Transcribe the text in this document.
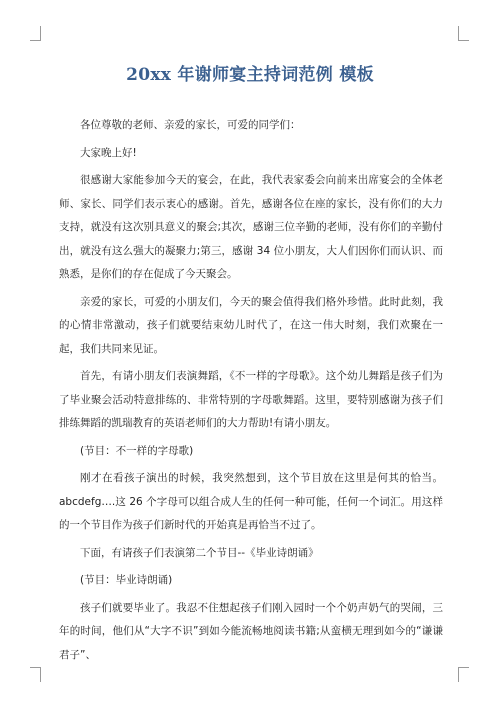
20xx 年谢师宴主持词范例 模板

各位尊敬的老师、亲爱的家长，可爱的同学们：

大家晚上好!

很感谢大家能参加今天的宴会，在此，我代表家委会向前来出席宴会的全体老师、家长、同学们表示衷心的感谢。首先，感谢各位在座的家长，没有你们的大力支持，就没有这次别具意义的聚会;其次，感谢三位辛勤的老师，没有你们的辛勤付出，就没有这么强大的凝聚力;第三，感谢 34 位小朋友，大人们因你们而认识、而熟悉，是你们的存在促成了今天聚会。

亲爱的家长，可爱的小朋友们，今天的聚会值得我们格外珍惜。此时此刻，我的心情非常激动，孩子们就要结束幼儿时代了，在这一伟大时刻，我们欢聚在一起，我们共同来见证。

首先，有请小朋友们表演舞蹈，《不一样的字母歌》。这个幼儿舞蹈是孩子们为了毕业聚会活动特意排练的、非常特别的字母歌舞蹈。这里，要特别感谢为孩子们排练舞蹈的凯瑞教育的英语老师们的大力帮助!有请小朋友。

(节目：不一样的字母歌)

刚才在看孩子演出的时候，我突然想到，这个节目放在这里是何其的恰当。abcdefg….这 26 个字母可以组合成人生的任何一种可能，任何一个词汇。用这样的一个节目作为孩子们新时代的开始真是再恰当不过了。

下面，有请孩子们表演第二个节目--《毕业诗朗诵》

(节目：毕业诗朗诵)

孩子们就要毕业了。我忍不住想起孩子们刚入园时一个个奶声奶气的哭闹，三年的时间，他们从“大字不识”到如今能流畅地阅读书籍;从蛮横无理到如今的“谦谦君子”、
